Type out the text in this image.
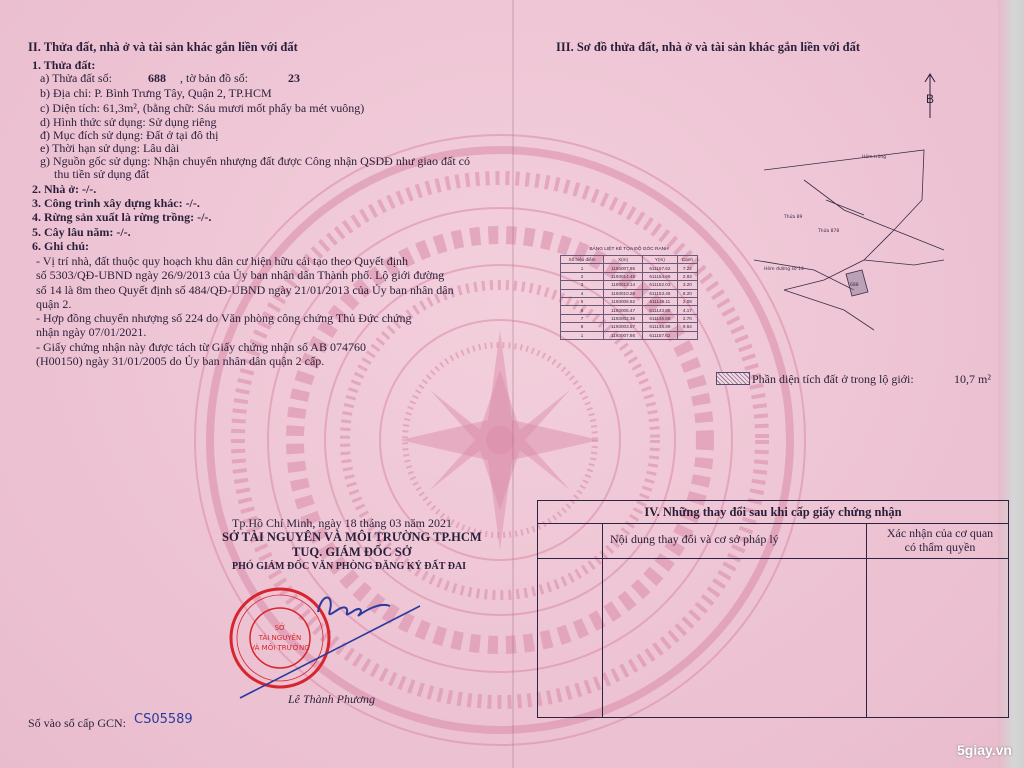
II. Thửa đất, nhà ở và tài sản khác gắn liền với đất
1. Thửa đất:
a) Thửa đất số:	688 , tờ bản đồ số:	23
b) Địa chỉ: P. Bình Trưng Tây, Quận 2, TP.HCM
c) Diện tích: 61,3m², (bằng chữ: Sáu mươi mốt phẩy ba mét vuông)
d) Hình thức sử dụng: Sử dụng riêng
đ) Mục đích sử dụng: Đất ở tại đô thị
e) Thời hạn sử dụng: Lâu dài
g) Nguồn gốc sử dụng: Nhận chuyển nhượng đất được Công nhận QSDĐ như giao đất có
thu tiền sử dụng đất
2. Nhà ở: -/-.
3. Công trình xây dựng khác: -/-.
4. Rừng sản xuất là rừng trồng: -/-.
5. Cây lâu năm: -/-.
6. Ghi chú:
- Vị trí nhà, đất thuộc quy hoạch khu dân cư hiện hữu cải tạo theo Quyết định
số 5303/QĐ-UBND ngày 26/9/2013 của Ủy ban nhân dân Thành phố. Lộ giới đường
số 14 là 8m theo Quyết định số 484/QĐ-UBND ngày 21/01/2013 của Ủy ban nhân dân
quận 2.
- Hợp đồng chuyển nhượng số 224 do Văn phòng công chứng Thủ Đức chứng
nhận ngày 07/01/2021.
- Giấy chứng nhận này được tách từ Giấy chứng nhận số AB 074760
(H00150) ngày 31/01/2005 do Ủy ban nhân dân quận 2 cấp.
Tp.Hồ Chí Minh, ngày 18 tháng 03 năm 2021
SỞ TÀI NGUYÊN VÀ MÔI TRƯỜNG TP.HCM
TUQ. GIÁM ĐỐC SỞ
PHÓ GIÁM ĐỐC VĂN PHÒNG ĐĂNG KÝ ĐẤT ĐAI
SỞ
TÀI NGUYÊN
VÀ MÔI TRƯỜNG
Lê Thành Phương
Số vào sổ cấp GCN: CS05589
III. Sơ đồ thửa đất, nhà ở và tài sản khác gắn liền với đất
B
Hẻm trống
Thửa 89
Thửa 878
Hẻm đường số 14
688
BẢNG LIỆT KÊ TỌA ĐỘ GÓC RANH
Số hiệu điểm	X(m)	Y(m)	Cạnh
1	1193007.86	611157.62	7.22
2	1193014.45	611154.66	2.93
3	1193013.14	611152.03	3.20
4	1193010.28	611153.46	8.20
5	1193006.62	611146.11	2.08
6	1193005.47	611143.80	4.17
7	1193002.36	611146.58	2.70
8	1193003.57	611148.99	9.64
1	1193007.86	611157.62	
Phần diện tích đất ở trong lộ giới:	10,7 m²
IV. Những thay đổi sau khi cấp giấy chứng nhận
Nội dung thay đổi và cơ sở pháp lý	Xác nhận của cơ quan
có thẩm quyền
5giay.vn
